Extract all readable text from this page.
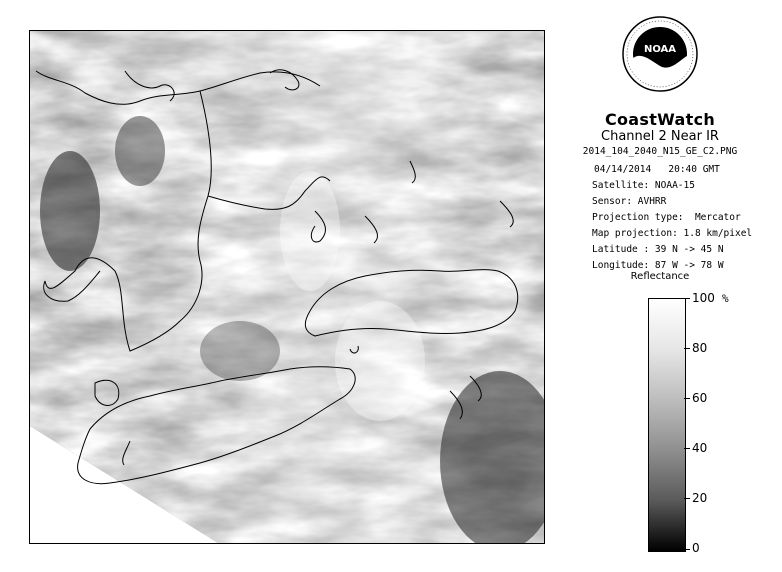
NOAA
CoastWatch
Channel 2 Near IR
2014_104_2040_N15_GE_C2.PNG
04/14/2014 20:40 GMT
Satellite: NOAA-15
Sensor: AVHRR
Projection type:  Mercator
Map projection: 1.8 km/pixel
Latitude : 39 N -> 45 N
Longitude: 87 W -> 78 W
Reflectance
%
100
80
60
40
20
0
